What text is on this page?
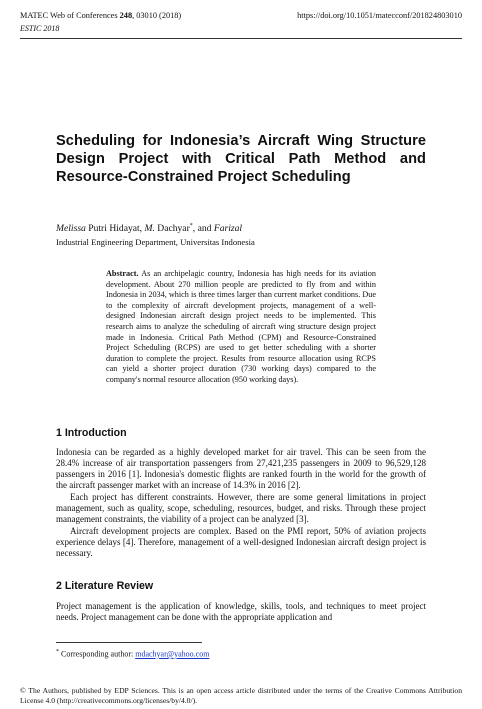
MATEC Web of Conferences 248, 03010 (2018)	https://doi.org/10.1051/matecconf/201824803010
ESTIC 2018
Scheduling for Indonesia’s Aircraft Wing Structure Design Project with Critical Path Method and Resource-Constrained Project Scheduling
Melissa Putri Hidayat, M. Dachyar*, and Farizal
Industrial Engineering Department, Universitas Indonesia
Abstract. As an archipelagic country, Indonesia has high needs for its aviation development. About 270 million people are predicted to fly from and within Indonesia in 2034, which is three times larger than current market conditions. Due to the complexity of aircraft development projects, management of a well-designed Indonesian aircraft design project needs to be implemented. This research aims to analyze the scheduling of aircraft wing structure design project made in Indonesia. Critical Path Method (CPM) and Resource-Constrained Project Scheduling (RCPS) are used to get better scheduling with a shorter duration to complete the project. Results from resource allocation using RCPS can yield a shorter project duration (730 working days) compared to the company's normal resource allocation (950 working days).
1 Introduction
Indonesia can be regarded as a highly developed market for air travel. This can be seen from the 28.4% increase of air transportation passengers from 27,421,235 passengers in 2009 to 96,529,128 passengers in 2016 [1]. Indonesia's domestic flights are ranked fourth in the world for the growth of the aircraft passenger market with an increase of 14.3% in 2016 [2].
Each project has different constraints. However, there are some general limitations in project management, such as quality, scope, scheduling, resources, budget, and risks. Through these project management constraints, the viability of a project can be analyzed [3].
Aircraft development projects are complex. Based on the PMI report, 50% of aviation projects experience delays [4]. Therefore, management of a well-designed Indonesian aircraft design project is necessary.
2 Literature Review
Project management is the application of knowledge, skills, tools, and techniques to meet project needs. Project management can be done with the appropriate application and
* Corresponding author: mdachyar@yahoo.com
© The Authors, published by EDP Sciences. This is an open access article distributed under the terms of the Creative Commons Attribution License 4.0 (http://creativecommons.org/licenses/by/4.0/).
